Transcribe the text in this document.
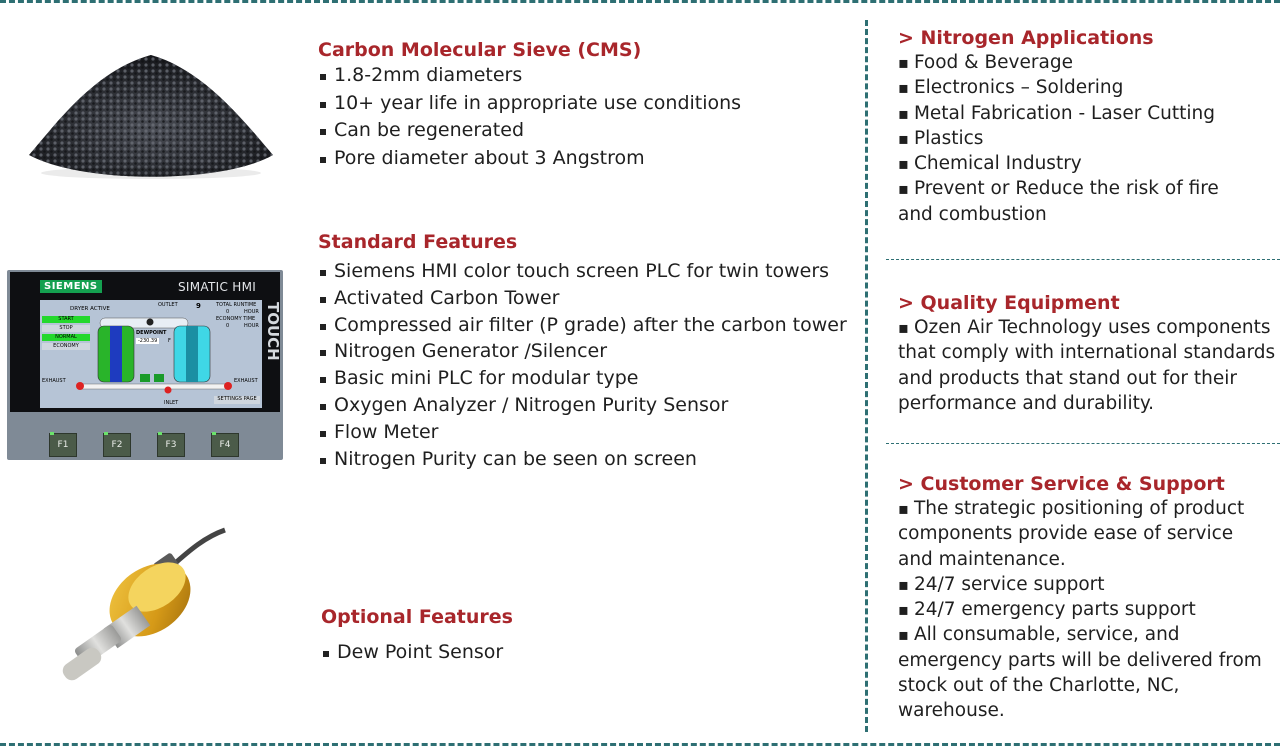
SIEMENS	SIMATIC HMI
TOUCH
DRYER ACTIVE
OUTLET	9	TOTAL RUNTIME
0	HOUR
ECONOMY TIME
0	HOUR
START
STOP
NORMAL
ECONOMY
DEWPOINT
-230.39	F
EXHAUST	EXHAUST
INLET
SETTINGS PAGE
F1	F2	F3	F4
Carbon Molecular Sieve (CMS)
1.8-2mm diameters
10+ year life in appropriate use conditions
Can be regenerated
Pore diameter about 3 Angstrom
Standard Features
Siemens HMI color touch screen PLC for twin towers
Activated Carbon Tower
Compressed air filter (P grade) after the carbon tower
Nitrogen Generator /Silencer
Basic mini PLC for modular type
Oxygen Analyzer / Nitrogen Purity Sensor
Flow Meter
Nitrogen Purity can be seen on screen
Optional Features
Dew Point Sensor
> Nitrogen Applications

▪ Food & Beverage

▪ Electronics – Soldering

▪ Metal Fabrication - Laser Cutting

▪ Plastics

▪ Chemical Industry

▪ Prevent or Reduce the risk of fire and combustion

> Quality Equipment

▪ Ozen Air Technology uses components that comply with international standards and products that stand out for their performance and durability.

> Customer Service & Support

▪ The strategic positioning of product components provide ease of service and maintenance.

▪ 24/7 service support

▪ 24/7 emergency parts support

▪ All consumable, service, and emergency parts will be delivered from stock out of the Charlotte, NC, warehouse.
